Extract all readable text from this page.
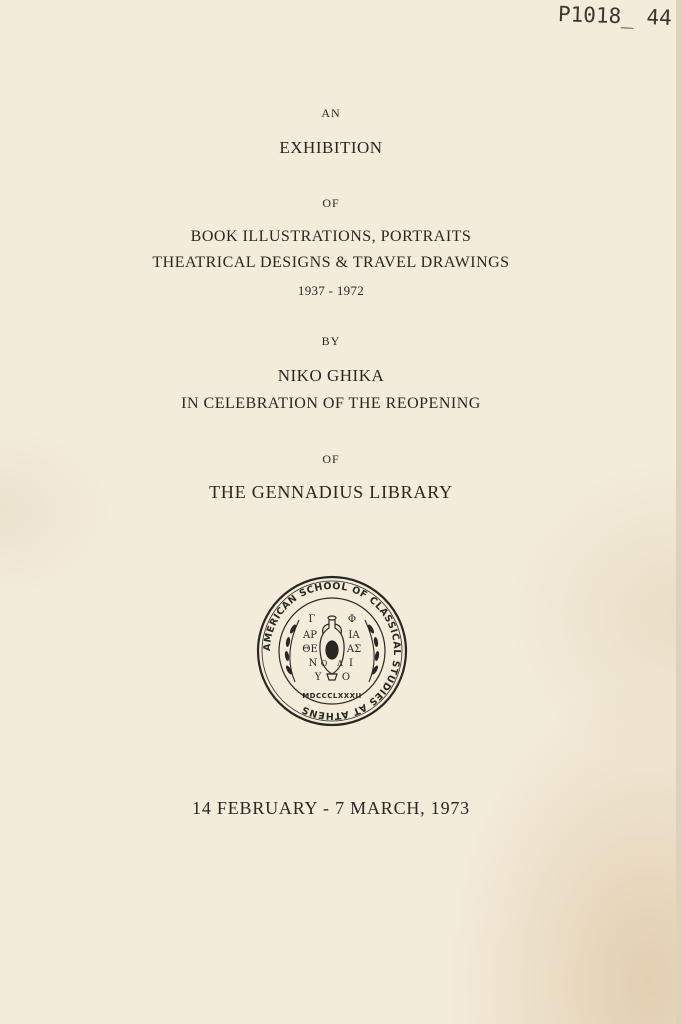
P1018_ 44
AN
EXHIBITION
OF
BOOK ILLUSTRATIONS, PORTRAITS
THEATRICAL DESIGNS & TRAVEL DRAWINGS
1937 - 1972
BY
NIKO GHIKA
IN CELEBRATION OF THE REOPENING
OF
THE GENNADIUS LIBRARY
AMERICAN SCHOOL OF CLASSICAL STUDIES AT ATHENS
Γ
ΑΡ
ΘΕ
Ν
Υ
Φ
ΙΑ
ΑΣ
Ι
Ο
Ο Λ
MDCCCLXXXII
14 FEBRUARY - 7 MARCH, 1973
